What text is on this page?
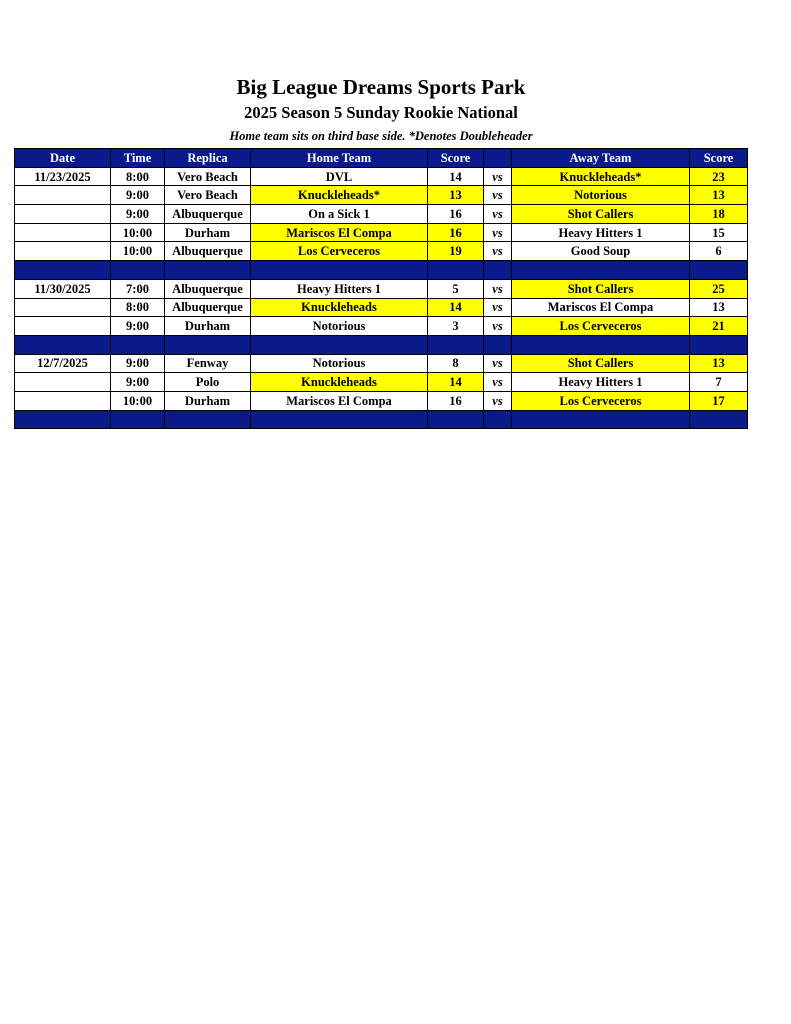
Big League Dreams Sports Park
2025 Season 5 Sunday Rookie National
Home team sits on third base side. *Denotes Doubleheader
Date	Time	Replica	Home Team	Score		Away Team	Score
11/23/2025	8:00	Vero Beach	DVL	14	vs	Knuckleheads*	23
	9:00	Vero Beach	Knuckleheads*	13	vs	Notorious	13
	9:00	Albuquerque	On a Sick 1	16	vs	Shot Callers	18
	10:00	Durham	Mariscos El Compa	16	vs	Heavy Hitters 1	15
	10:00	Albuquerque	Los Cerveceros	19	vs	Good Soup	6

11/30/2025	7:00	Albuquerque	Heavy Hitters 1	5	vs	Shot Callers	25
	8:00	Albuquerque	Knuckleheads	14	vs	Mariscos El Compa	13
	9:00	Durham	Notorious	3	vs	Los Cerveceros	21

12/7/2025	9:00	Fenway	Notorious	8	vs	Shot Callers	13
	9:00	Polo	Knuckleheads	14	vs	Heavy Hitters 1	7
	10:00	Durham	Mariscos El Compa	16	vs	Los Cerveceros	17
